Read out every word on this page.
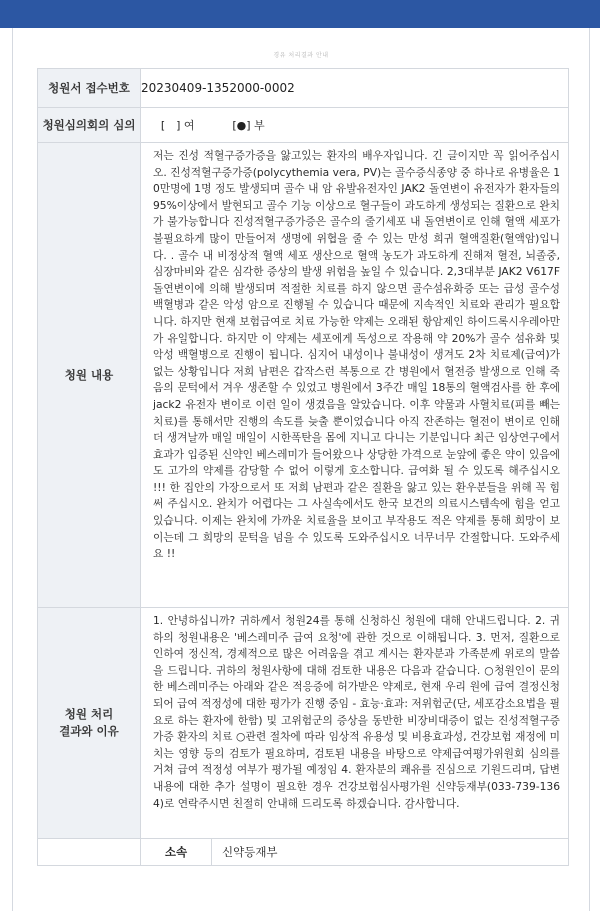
경유 처리결과 안내
청원서 접수번호	20230409-1352000-0002
청원심의회의 심의	[　] 여 [●] 부
청원 내용	저는 진성 적혈구증가증을 앓고있는 환자의 배우자입니다. 긴 글이지만 꼭 읽어주십시오. 진성적혈구증가증(polycythemia vera, PV)는 골수증식종양 중 하나로 유병율은 10만명에 1명 정도 발생되며 골수 내 암 유발유전자인 JAK2 돌연변이 유전자가 환자들의 95%이상에서 발현되고 골수 기능 이상으로 혈구들이 과도하게 생성되는 질환으로 완치가 불가능합니다 진성적혈구증가증은 골수의 줄기세포 내 돌연변이로 인해 혈액 세포가 불필요하게 많이 만들어져 생명에 위협을 줄 수 있는 만성 희귀 혈액질환(혈액암)입니다. . 골수 내 비정상적 혈액 세포 생산으로 혈액 농도가 과도하게 진해져 혈전, 뇌졸중, 심장마비와 같은 심각한 증상의 발생 위험을 높일 수 있습니다. 2,3대부분 JAK2 V617F 돌연변이에 의해 발생되며 적절한 치료를 하지 않으면 골수섬유화증 또는 급성 골수성 백혈병과 같은 악성 암으로 진행될 수 있습니다 때문에 지속적인 치료와 관리가 필요합니다. 하지만 현재 보험급여로 치료 가능한 약제는 오래된 항암제인 하이드록시우레아만가 유일합니다. 하지만 이 약제는 세포에게 독성으로 작용해 약 20%가 골수 섬유화 및 악성 백혈병으로 진행이 됩니다. 심지어 내성이나 불내성이 생겨도 2차 치료제(급여)가 없는 상황입니다 저희 남편은 갑작스런 복통으로 간 병원에서 혈전증 발생으로 인해 죽음의 문턱에서 겨우 생존할 수 있었고 병원에서 3주간 매일 18통의 혈액검사를 한 후에 jack2 유전자 변이로 이런 일이 생겼음을 알았습니다. 이후 약물과 사혈치료(피를 빼는 치료)를 통해서만 진행의 속도를 늦출 뿐이었습니다 아직 잔존하는 혈전이 변이로 인해 더 생겨날까 매일 매일이 시한폭탄을 몸에 지니고 다니는 기분입니다 최근 임상연구에서 효과가 입증된 신약인 베스레미가 들어왔으나 상당한 가격으로 눈앞에 좋은 약이 있음에도 고가의 약제를 감당할 수 없어 이렇게 호소합니다. 급여화 될 수 있도록 해주십시오 !!! 한 집안의 가장으로서 또 저희 남편과 같은 질환을 앓고 있는 환우분들을 위해 꼭 힘써 주십시오. 완치가 어렵다는 그 사실속에서도 한국 보건의 의료시스템속에 힘을 얻고 있습니다. 이제는 완치에 가까운 치료율을 보이고 부작용도 적은 약제를 통해 희망이 보이는데 그 희망의 문턱을 넘을 수 있도록 도와주십시오 너무너무 간절합니다. 도와주세요 !!

청원 처리
결과와 이유	1. 안녕하십니까? 귀하께서 청원24를 통해 신청하신 청원에 대해 안내드립니다. 2. 귀하의 청원내용은 '베스레미주 급여 요청'에 관한 것으로 이해됩니다. 3. 먼저, 질환으로 인하여 정신적, 경제적으로 많은 어려움을 겪고 계시는 환자분과 가족분께 위로의 말씀을 드립니다. 귀하의 청원사항에 대해 검토한 내용은 다음과 같습니다. ○청원인이 문의한 베스레미주는 아래와 같은 적응증에 허가받은 약제로, 현재 우리 원에 급여 결정신청 되어 급여 적정성에 대한 평가가 진행 중임 - 효능·효과: 저위험군(단, 세포감소요법을 필요로 하는 환자에 한함) 및 고위험군의 증상을 동반한 비장비대증이 없는 진성적혈구증가증 환자의 치료 ○관련 절차에 따라 임상적 유용성 및 비용효과성, 건강보험 재정에 미치는 영향 등의 검토가 필요하며, 검토된 내용을 바탕으로 약제급여평가위원회 심의를 거쳐 급여 적정성 여부가 평가될 예정임 4. 환자분의 쾌유를 진심으로 기원드리며, 답변 내용에 대한 추가 설명이 필요한 경우 건강보험심사평가원 신약등재부(033-739-1364)로 연락주시면 친절히 안내해 드리도록 하겠습니다. 감사합니다.
	소속 신약등재부
